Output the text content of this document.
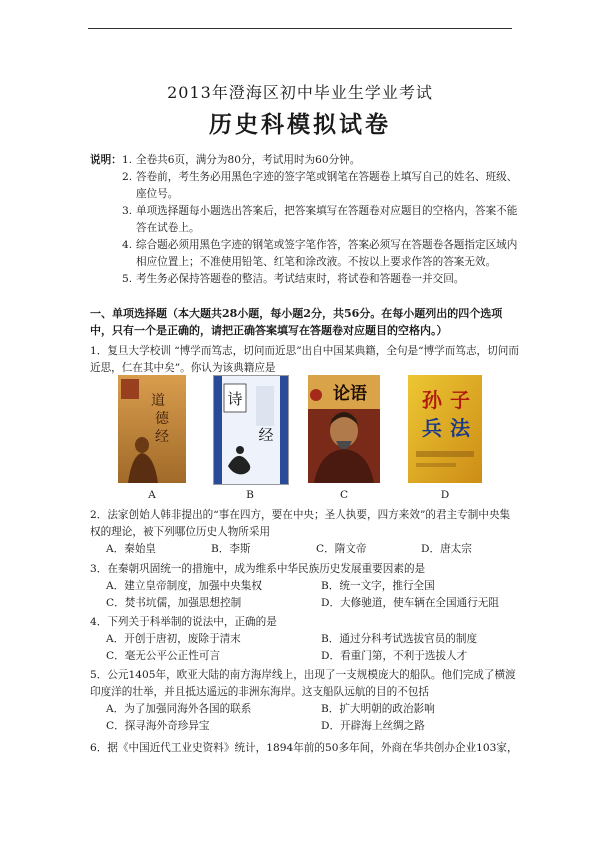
2013年澄海区初中毕业生学业考试
历史科模拟试卷
说明： 1. 全卷共6页，满分为80分，考试用时为60分钟。
2. 答卷前，考生务必用黑色字迹的签字笔或钢笔在答题卷上填写自己的姓名、班级、座位号。
3. 单项选择题每小题选出答案后，把答案填写在答题卷对应题目的空格内，答案不能答在试卷上。
4. 综合题必须用黑色字迹的钢笔或签字笔作答，答案必须写在答题卷各题指定区域内相应位置上；不准使用铅笔、红笔和涂改液。不按以上要求作答的答案无效。
5. 考生务必保持答题卷的整洁。考试结束时，将试卷和答题卷一并交回。
一、单项选择题（本大题共28小题，每小题2分，共56分。在每小题列出的四个选项中，只有一个是正确的，请把正确答案填写在答题卷对应题目的空格内。）
1．复旦大学校训 “博学而笃志，切问而近思”出自中国某典籍，全句是“博学而笃志，切问而近思，仁在其中矣”。你认为该典籍应是
道
德
经
诗
经
论语	孙 子
兵 法
A	B	C	D
2．法家创始人韩非提出的“事在四方，要在中央；圣人执要，四方来效”的君主专制中央集权的理论，被下列哪位历史人物所采用
A．秦始皇	B．李斯	C．隋文帝	D．唐太宗
3．在秦朝巩固统一的措施中，成为维系中华民族历史发展重要因素的是
A．建立皇帝制度，加强中央集权	B．统一文字，推行全国
C．焚书坑儒，加强思想控制	D．大修驰道，使车辆在全国通行无阻
4．下列关于科举制的说法中，正确的是
A．开创于唐初，废除于清末	B．通过分科考试选拔官员的制度
C．毫无公平公正性可言	D．看重门第，不利于选拔人才
5．公元1405年，欧亚大陆的南方海岸线上，出现了一支规模庞大的船队。他们完成了横渡印度洋的壮举，并且抵达遥远的非洲东海岸。这支船队远航的目的不包括
A．为了加强同海外各国的联系	B．扩大明朝的政治影响
C．探寻海外奇珍异宝	D．开辟海上丝绸之路
6．据《中国近代工业史资料》统计，1894年前的50多年间，外商在华共创办企业103家，
